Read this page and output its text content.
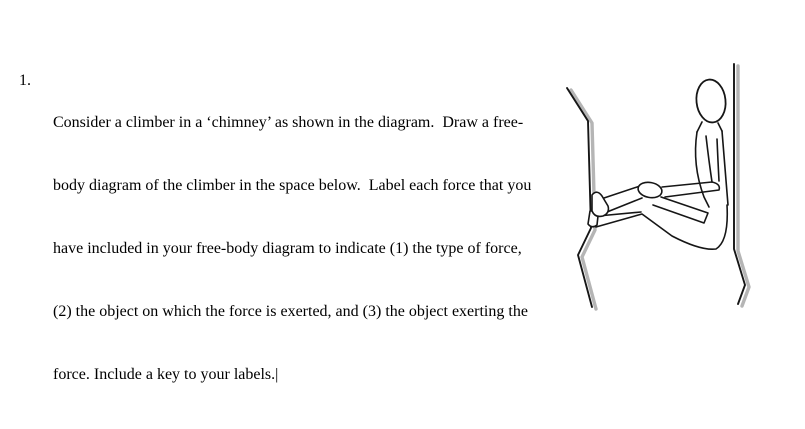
1.

Consider a climber in a ‘chimney’ as shown in the diagram.  Draw a free-

body diagram of the climber in the space below.  Label each force that you

have included in your free-body diagram to indicate (1) the type of force,

(2) the object on which the force is exerted, and (3) the object exerting the

force. Include a key to your labels.|
